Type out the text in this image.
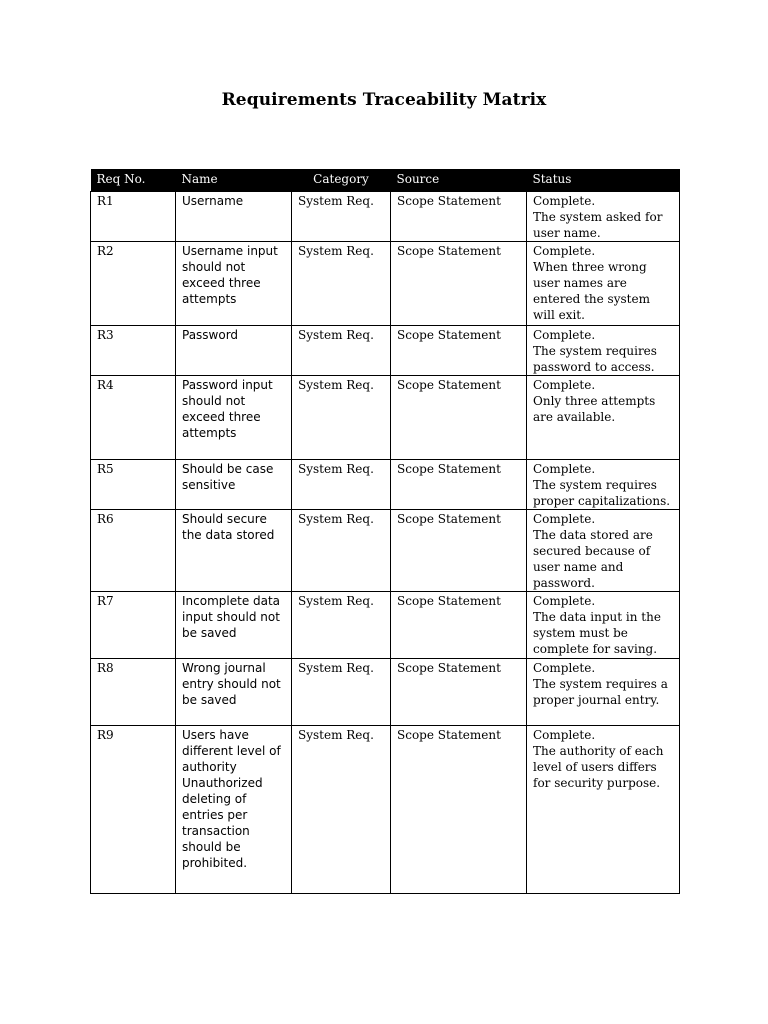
Requirements Traceability Matrix
Req No.	Name	Category	Source	Status
R1	Username	System Req.	Scope Statement	Complete.
The system asked for user name.

R2	Username input should not exceed three attempts	System Req.	Scope Statement	Complete.
When three wrong user names are entered the system will exit.

R3	Password	System Req.	Scope Statement	Complete.
The system requires password to access.

R4	Password input should not exceed three attempts	System Req.	Scope Statement	Complete.
Only three attempts are available.

R5	Should be case sensitive	System Req.	Scope Statement	Complete.
The system requires proper capitalizations.

R6	Should secure the data stored	System Req.	Scope Statement	Complete.
The data stored are secured because of user name and password.

R7	Incomplete data input should not be saved	System Req.	Scope Statement	Complete.
The data input in the system must be complete for saving.

R8	Wrong journal entry should not be saved	System Req.	Scope Statement	Complete.
The system requires a proper journal entry.

R9	Users have different level of authority Unauthorized deleting of entries per transaction should be prohibited.	System Req.	Scope Statement	Complete.
The authority of each level of users differs for security purpose.
